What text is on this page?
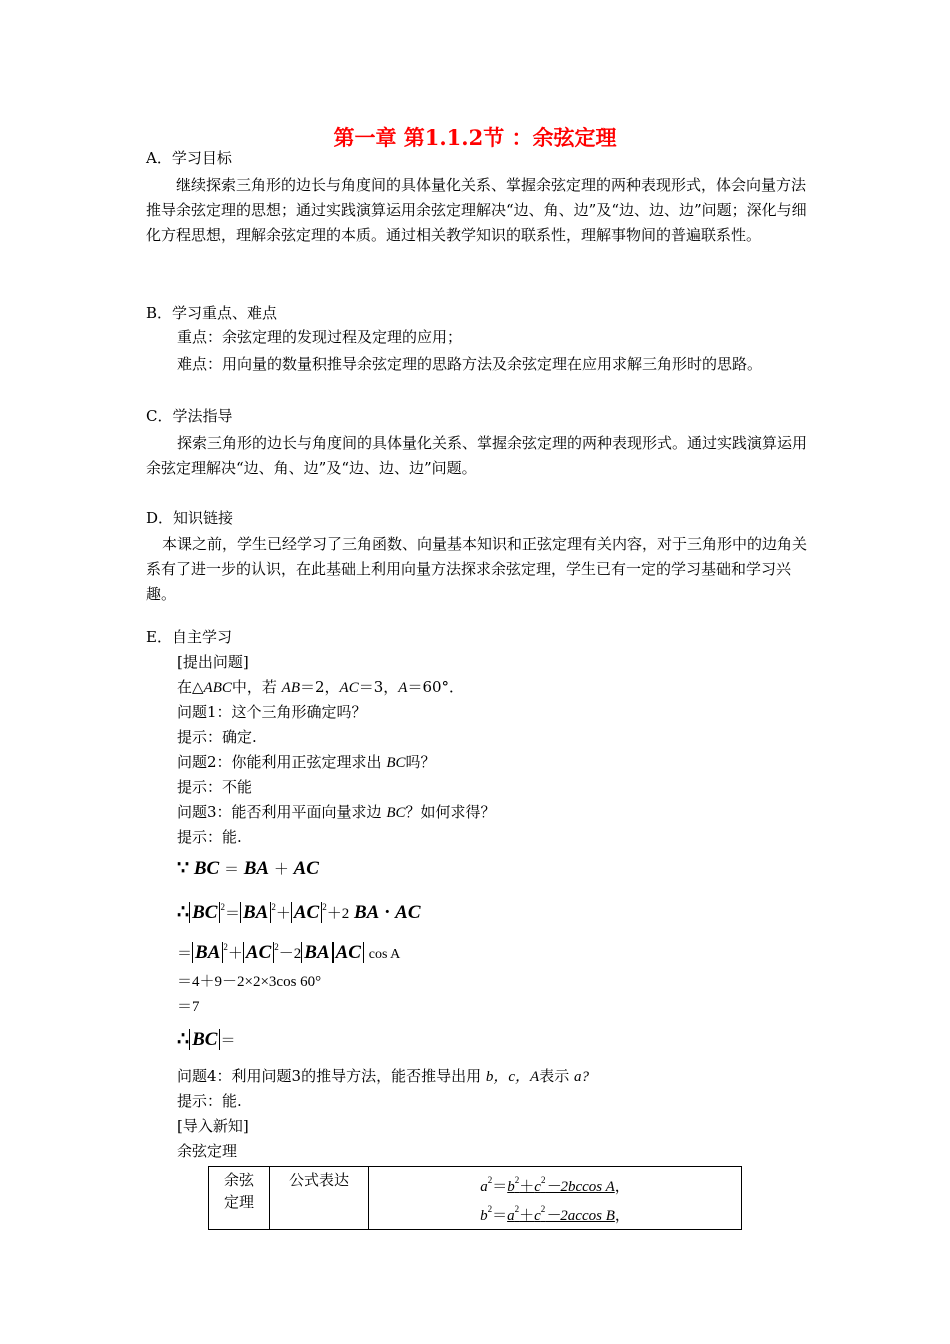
第一章 第1.1.2节 ：余弦定理
A．学习目标
继续探索三角形的边长与角度间的具体量化关系、掌握余弦定理的两种表现形式，体会向量方法推导余弦定理的思想；通过实践演算运用余弦定理解决“边、角、边”及“边、边、边”问题；深化与细化方程思想，理解余弦定理的本质。通过相关教学知识的联系性，理解事物间的普遍联系性。
B．学习重点、难点
重点：余弦定理的发现过程及定理的应用；
难点：用向量的数量积推导余弦定理的思路方法及余弦定理在应用求解三角形时的思路。
C．学法指导
探索三角形的边长与角度间的具体量化关系、掌握余弦定理的两种表现形式。通过实践演算运用余弦定理解决“边、角、边”及“边、边、边”问题。
D．知识链接
本课之前，学生已经学习了三角函数、向量基本知识和正弦定理有关内容，对于三角形中的边角关系有了进一步的认识，在此基础上利用向量方法探求余弦定理，学生已有一定的学习基础和学习兴趣。
E．自主学习
[提出问题]
在△ABC中，若 AB＝2，AC＝3，A＝60°．
问题1：这个三角形确定吗？
提示：确定.
问题2：你能利用正弦定理求出 BC吗？
提示：不能
问题3：能否利用平面向量求边 BC？如何求得？
提示：能.
∵ BC ＝ BA ＋ AC
∴ BC $^2$＝ BA $^2$＋ AC $^2$＋2 BA · AC
＝ BA $^2$＋ AC $^2$－2 BA AC cos A
＝4＋9－2×2×3cos 60°
＝7
∴ BC ＝
问题4：利用问题3的推导方法，能否推导出用 b，c，A表示 a?
提示：能.
[导入新知]
余弦定理
余弦
定理
	公式表达	$a^2=b^2+c^2-2bccos$ A，
$b^2=a^2+c^2-2accos$ B，
